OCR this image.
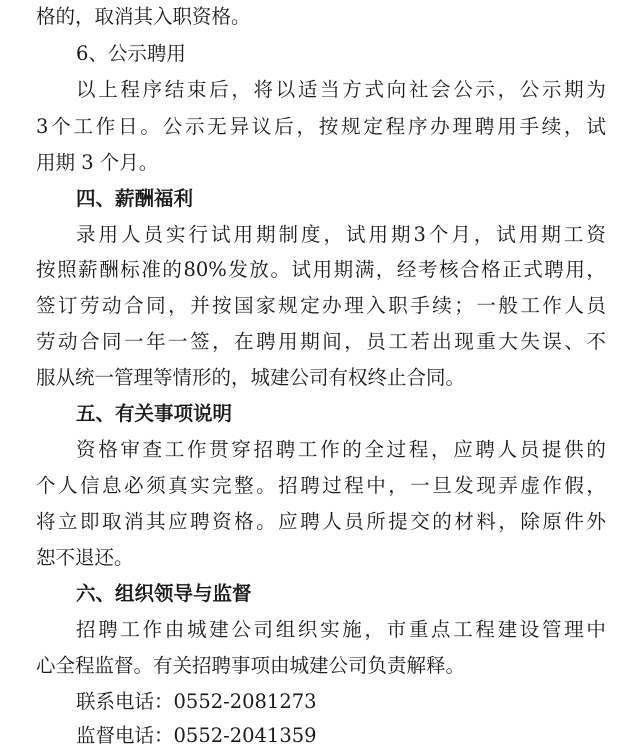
格的，取消其入职资格。
6、公示聘用
以 上 程 序 结 束 后 ， 将 以 适 当 方 式 向 社 会 公 示 ， 公 示 期 为
3 个 工 作 日 。 公 示 无 异 议 后 ， 按 规 定 程 序 办 理 聘 用 手 续 ， 试
用期 3 个月。
四、薪酬福利
录 用 人 员 实 行 试 用 期 制 度 ， 试 用 期 3 个 月 ， 试 用 期 工 资
按 照 薪 酬 标 准 的 80% 发 放 。 试 用 期 满 ， 经 考 核 合 格 正 式 聘 用 ，
签 订 劳 动 合 同 ， 并 按 国 家 规 定 办 理 入 职 手 续 ； 一 般 工 作 人 员
劳 动 合 同 一 年 一 签 ， 在 聘 用 期 间 ， 员 工 若 出 现 重 大 失 误 、 不
服从统一管理等情形的，城建公司有权终止合同。
五、有关事项说明
资 格 审 查 工 作 贯 穿 招 聘 工 作 的 全 过 程 ， 应 聘 人 员 提 供 的
个 人 信 息 必 须 真 实 完 整 。 招 聘 过 程 中 ， 一 旦 发 现 弄 虚 作 假 ，
将 立 即 取 消 其 应 聘 资 格 。 应 聘 人 员 所 提 交 的 材 料 ， 除 原 件 外
恕不退还。
六、组织领导与监督
招 聘 工 作 由 城 建 公 司 组 织 实 施 ， 市 重 点 工 程 建 设 管 理 中
心全程监督。有关招聘事项由城建公司负责解释。
联系电话：0552-2081273
监督电话：0552-2041359
